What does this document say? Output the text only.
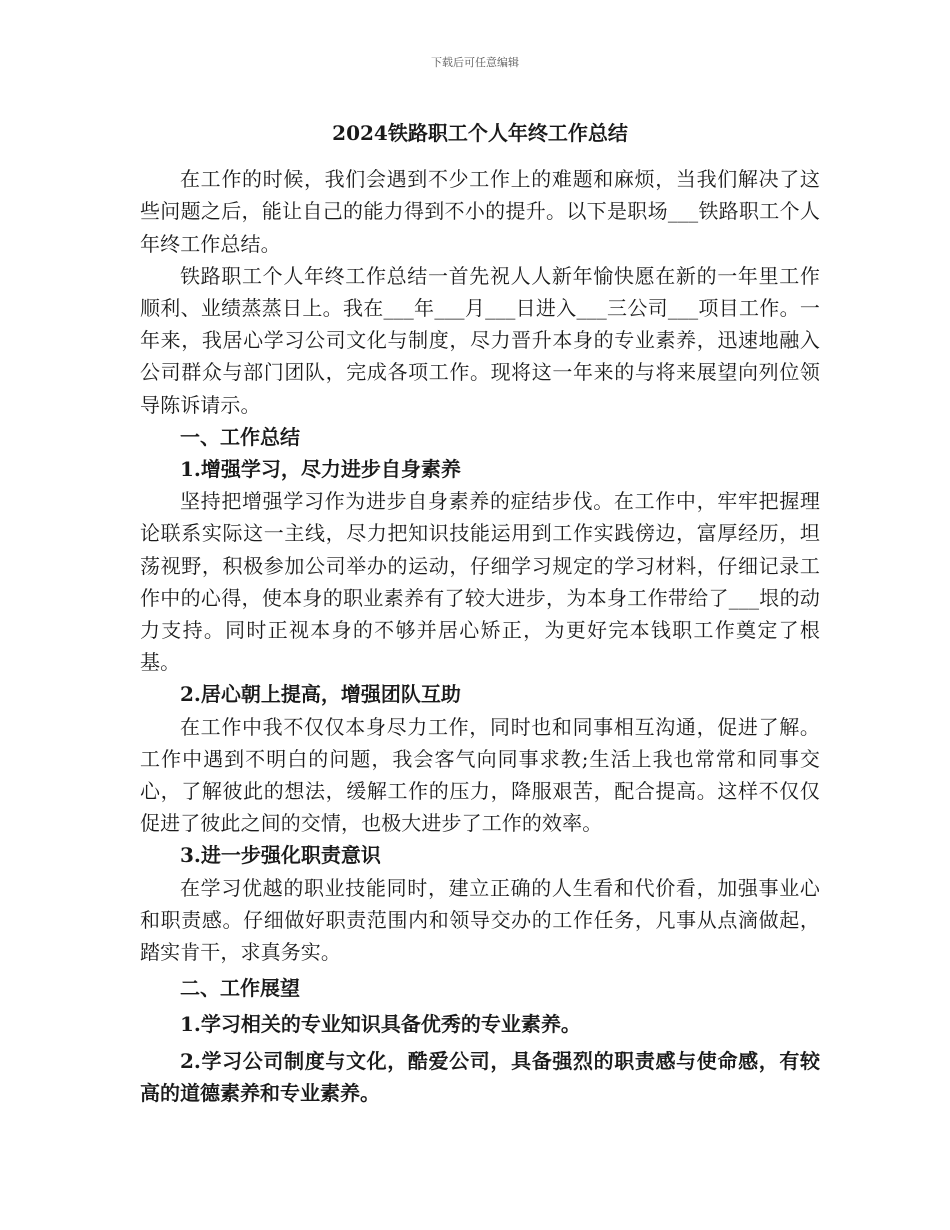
下载后可任意编辑
2024铁路职工个人年终工作总结

在工作的时候，我们会遇到不少工作上的难题和麻烦，当我们解决了这些问题之后，能让自己的能力得到不小的提升。以下是职场___铁路职工个人年终工作总结。

铁路职工个人年终工作总结一首先祝人人新年愉快愿在新的一年里工作顺利、业绩蒸蒸日上。我在___年___月___日进入___三公司___项目工作。一年来，我居心学习公司文化与制度，尽力晋升本身的专业素养，迅速地融入公司群众与部门团队，完成各项工作。现将这一年来的与将来展望向列位领导陈诉请示。

一、工作总结

1.增强学习，尽力进步自身素养

坚持把增强学习作为进步自身素养的症结步伐。在工作中，牢牢把握理论联系实际这一主线，尽力把知识技能运用到工作实践傍边，富厚经历，坦荡视野，积极参加公司举办的运动，仔细学习规定的学习材料，仔细记录工作中的心得，使本身的职业素养有了较大进步，为本身工作带给了___垠的动力支持。同时正视本身的不够并居心矫正，为更好完本钱职工作奠定了根基。

2.居心朝上提高，增强团队互助

在工作中我不仅仅本身尽力工作，同时也和同事相互沟通，促进了解。工作中遇到不明白的问题，我会客气向同事求教;生活上我也常常和同事交心，了解彼此的想法，缓解工作的压力，降服艰苦，配合提高。这样不仅仅促进了彼此之间的交情，也极大进步了工作的效率。

3.进一步强化职责意识

在学习优越的职业技能同时，建立正确的人生看和代价看，加强事业心和职责感。仔细做好职责范围内和领导交办的工作任务，凡事从点滴做起，踏实肯干，求真务实。

二、工作展望

1.学习相关的专业知识具备优秀的专业素养。

2.学习公司制度与文化，酷爱公司，具备强烈的职责感与使命感，有较高的道德素养和专业素养。
